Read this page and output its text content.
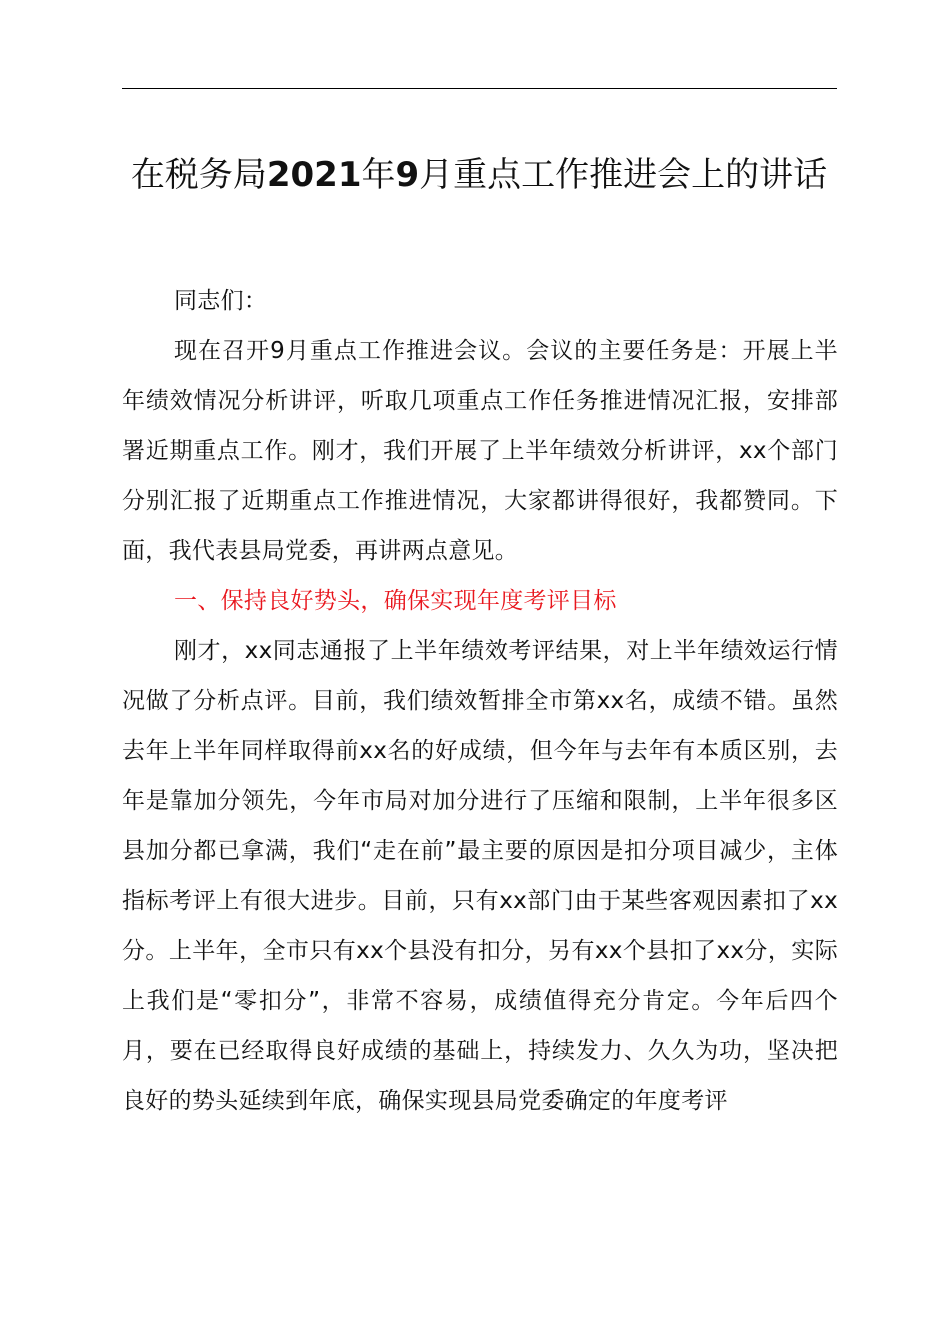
在税务局2021年9月重点工作推进会上的讲话

同志们：

现在召开9月重点工作推进会议。会议的主要任务是：开展上半年绩效情况分析讲评，听取几项重点工作任务推进情况汇报，安排部署近期重点工作。刚才，我们开展了上半年绩效分析讲评，xx个部门分别汇报了近期重点工作推进情况，大家都讲得很好，我都赞同。下面，我代表县局党委，再讲两点意见。

一、保持良好势头，确保实现年度考评目标

刚才，xx同志通报了上半年绩效考评结果，对上半年绩效运行情况做了分析点评。目前，我们绩效暂排全市第xx名，成绩不错。虽然去年上半年同样取得前xx名的好成绩，但今年与去年有本质区别，去年是靠加分领先，今年市局对加分进行了压缩和限制，上半年很多区县加分都已拿满，我们“走在前”最主要的原因是扣分项目减少，主体指标考评上有很大进步。目前，只有xx部门由于某些客观因素扣了xx分。上半年，全市只有xx个县没有扣分，另有xx个县扣了xx分，实际上我们是“零扣分”，非常不容易，成绩值得充分肯定。今年后四个月，要在已经取得良好成绩的基础上，持续发力、久久为功，坚决把良好的势头延续到年底，确保实现县局党委确定的年度考评
